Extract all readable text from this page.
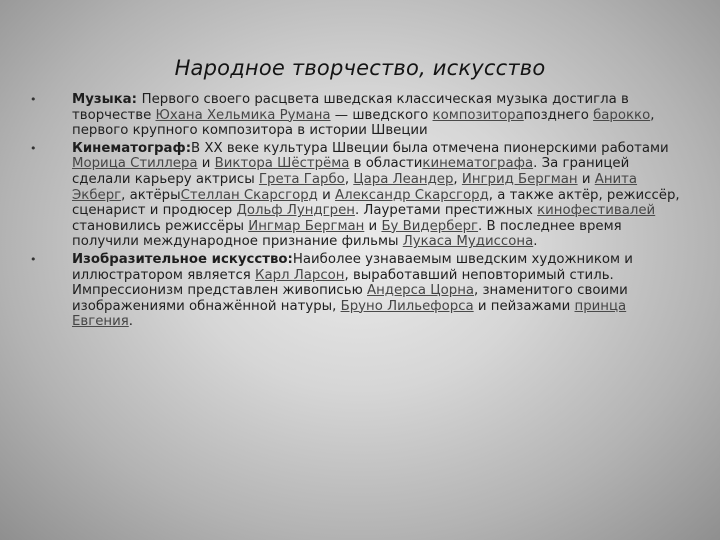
Народное творчество, искусство
•	Музыка: Первого своего расцвета шведская классическая музыка достигла в творчестве Юхана Хельмика Румана — шведского композиторапозднего барокко, первого крупного композитора в истории Швеции
•	Кинематограф:В XX веке культура Швеции была отмечена пионерскими работами Морица Стиллера и Виктора Шёстрёма в областикинематографа. За границей сделали карьеру актрисы Грета Гарбо, Цара Леандер, Ингрид Бергман и Анита Экберг, актёрыСтеллан Скарсгорд и Александр Скарсгорд, а также актёр, режиссёр, сценарист и продюсер Дольф Лундгрен. Лауретами престижных кинофестивалей становились режиссёры Ингмар Бергман и Бу Видерберг. В последнее время получили международное признание фильмы Лукаса Мудиссона.
•	Изобразительное искусство:Наиболее узнаваемым шведским художником и иллюстратором является Карл Ларсон, выработавший неповторимый стиль. Импрессионизм представлен живописью Андерса Цорна, знаменитого своими изображениями обнажённой натуры, Бруно Лильефорса и пейзажами принца Евгения.
